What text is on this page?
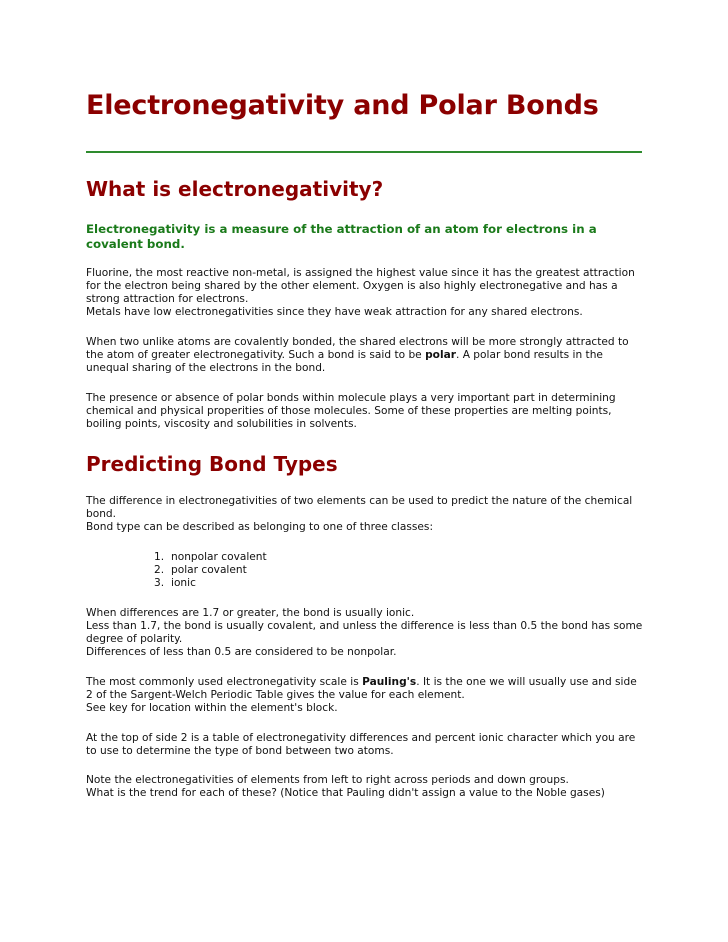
Electronegativity and Polar Bonds
What is electronegativity?
Electronegativity is a measure of the attraction of an atom for electrons in a covalent bond.

Fluorine, the most reactive non-metal, is assigned the highest value since it has the greatest attraction for the electron being shared by the other element. Oxygen is also highly electronegative and has a strong attraction for electrons.

Metals have low electronegativities since they have weak attraction for any shared electrons.

When two unlike atoms are covalently bonded, the shared electrons will be more strongly attracted to the atom of greater electronegativity. Such a bond is said to be polar. A polar bond results in the unequal sharing of the electrons in the bond.

The presence or absence of polar bonds within molecule plays a very important part in determining chemical and physical properities of those molecules. Some of these properties are melting points, boiling points, viscosity and solubilities in solvents.

Predicting Bond Types

The difference in electronegativities of two elements can be used to predict the nature of the chemical bond.

Bond type can be described as belonging to one of three classes:

1. nonpolar covalent
2. polar covalent
3. ionic

When differences are 1.7 or greater, the bond is usually ionic.

Less than 1.7, the bond is usually covalent, and unless the difference is less than 0.5 the bond has some degree of polarity.

Differences of less than 0.5 are considered to be nonpolar.

The most commonly used electronegativity scale is Pauling's. It is the one we will usually use and side 2 of the Sargent-Welch Periodic Table gives the value for each element.

See key for location within the element's block.

At the top of side 2 is a table of electronegativity differences and percent ionic character which you are to use to determine the type of bond between two atoms.

Note the electronegativities of elements from left to right across periods and down groups.

What is the trend for each of these? (Notice that Pauling didn't assign a value to the Noble gases)
